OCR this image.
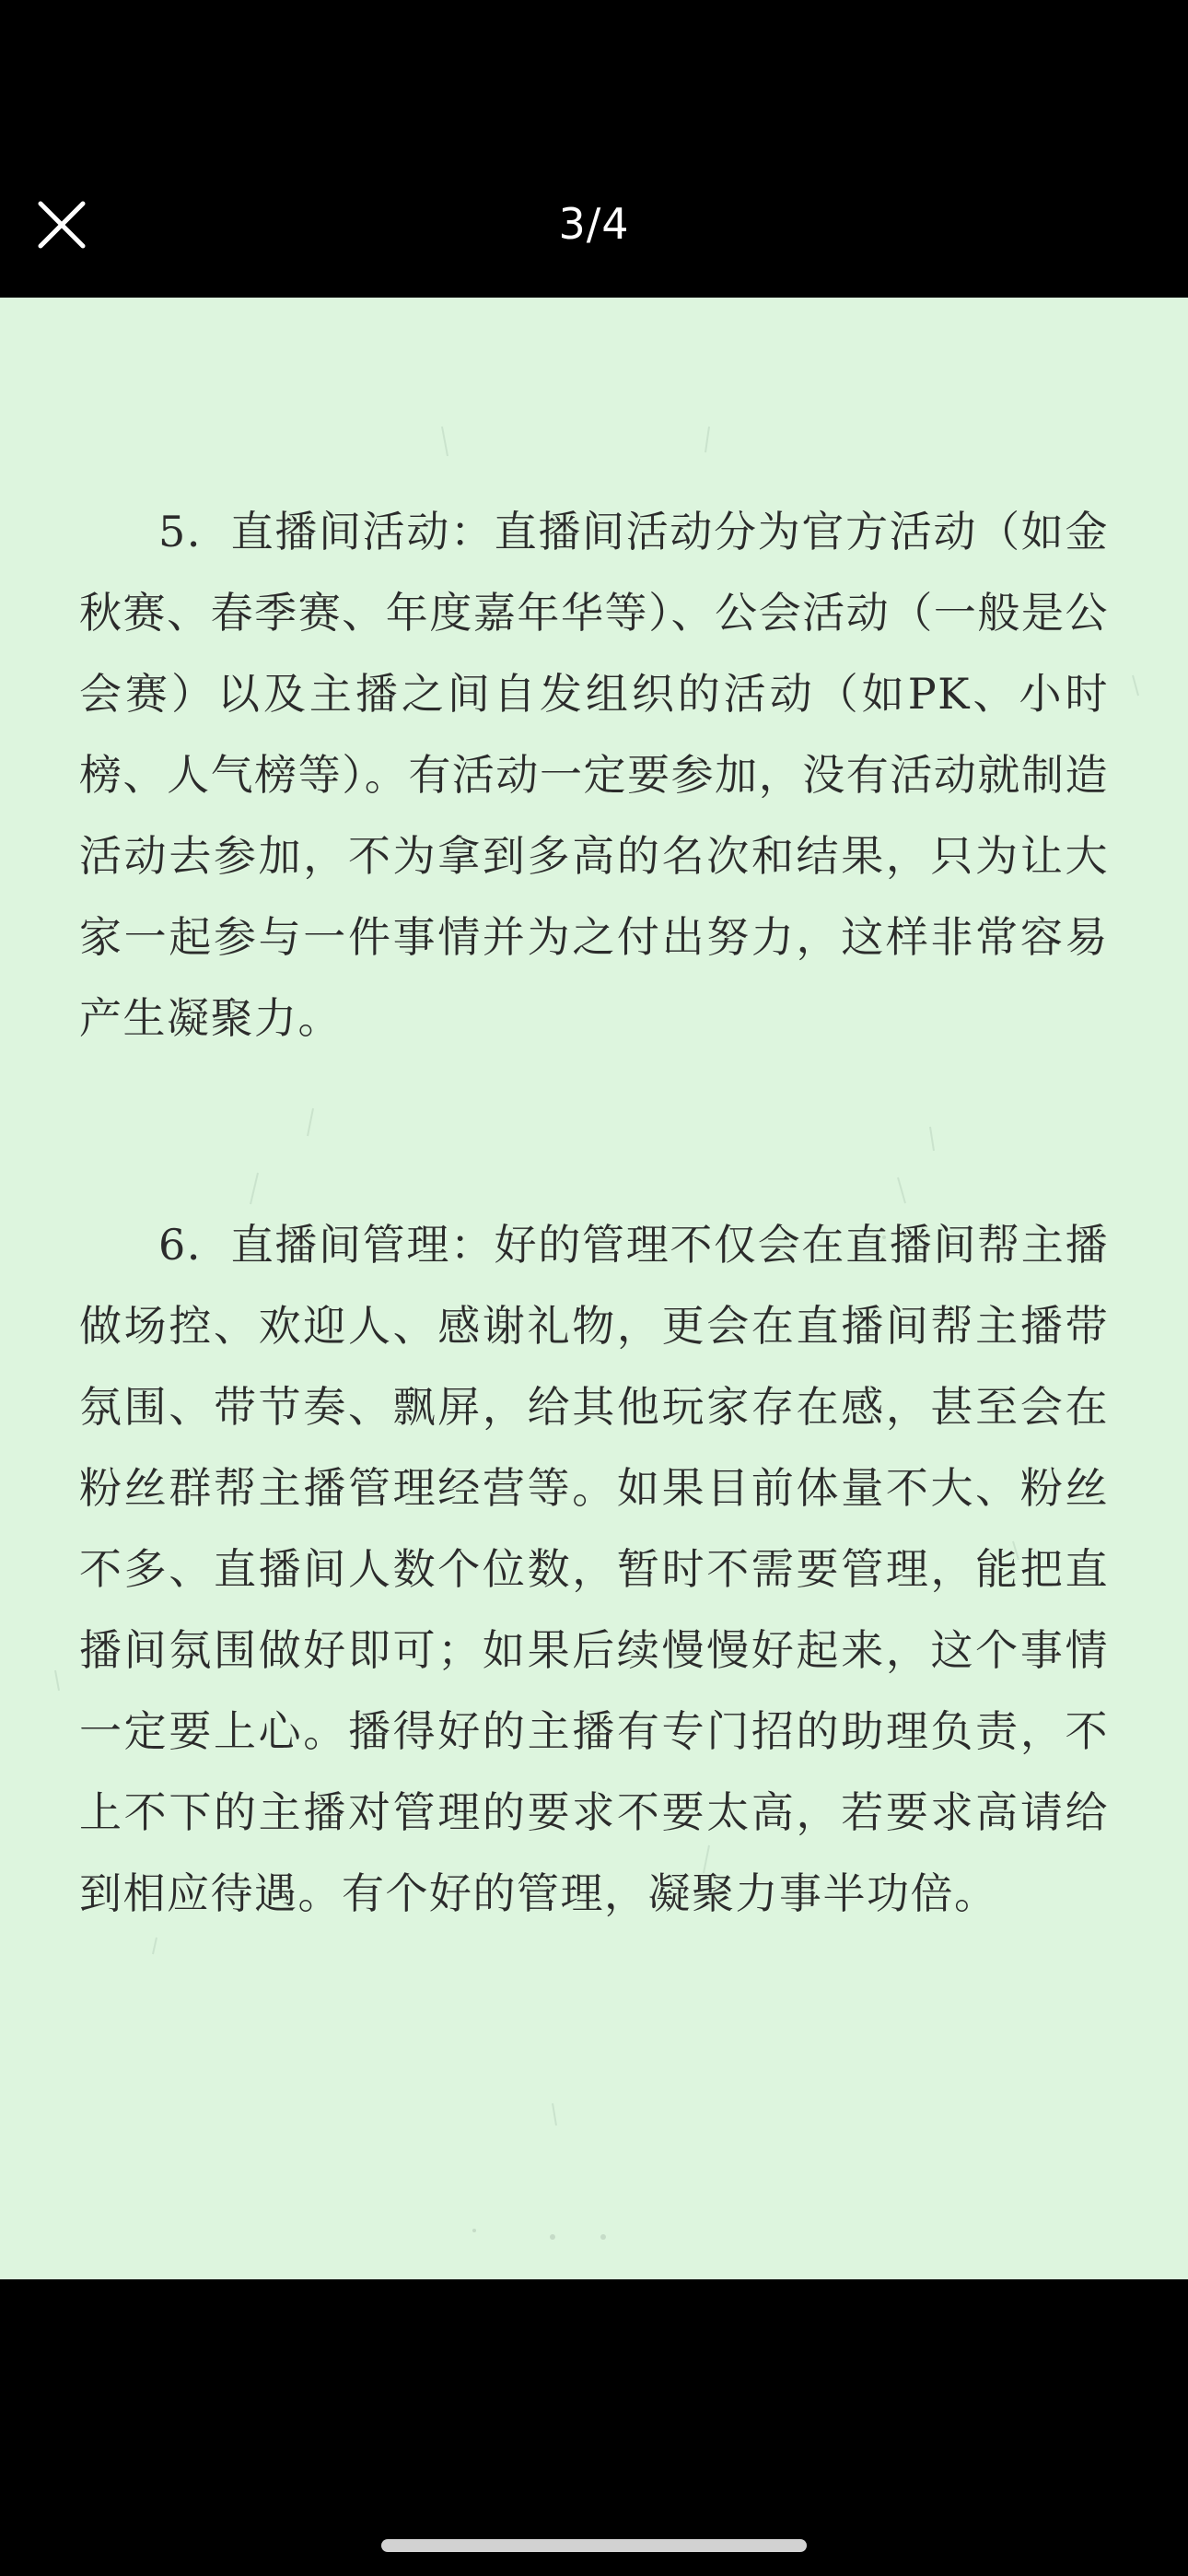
3/4

5．直播间活动：直播间活动分为官方活动（如金秋赛、春季赛、年度嘉年华等）、公会活动（一般是公会赛）以及主播之间自发组织的活动（如PK、小时榜、人气榜等）。有活动一定要参加，没有活动就制造活动去参加，不为拿到多高的名次和结果，只为让大家一起参与一件事情并为之付出努力，这样非常容易产生凝聚力。

6．直播间管理：好的管理不仅会在直播间帮主播做场控、欢迎人、感谢礼物，更会在直播间帮主播带氛围、带节奏、飘屏，给其他玩家存在感，甚至会在粉丝群帮主播管理经营等。如果目前体量不大、粉丝不多、直播间人数个位数，暂时不需要管理，能把直播间氛围做好即可；如果后续慢慢好起来，这个事情一定要上心。播得好的主播有专门招的助理负责，不上不下的主播对管理的要求不要太高，若要求高请给到相应待遇。有个好的管理，凝聚力事半功倍。
